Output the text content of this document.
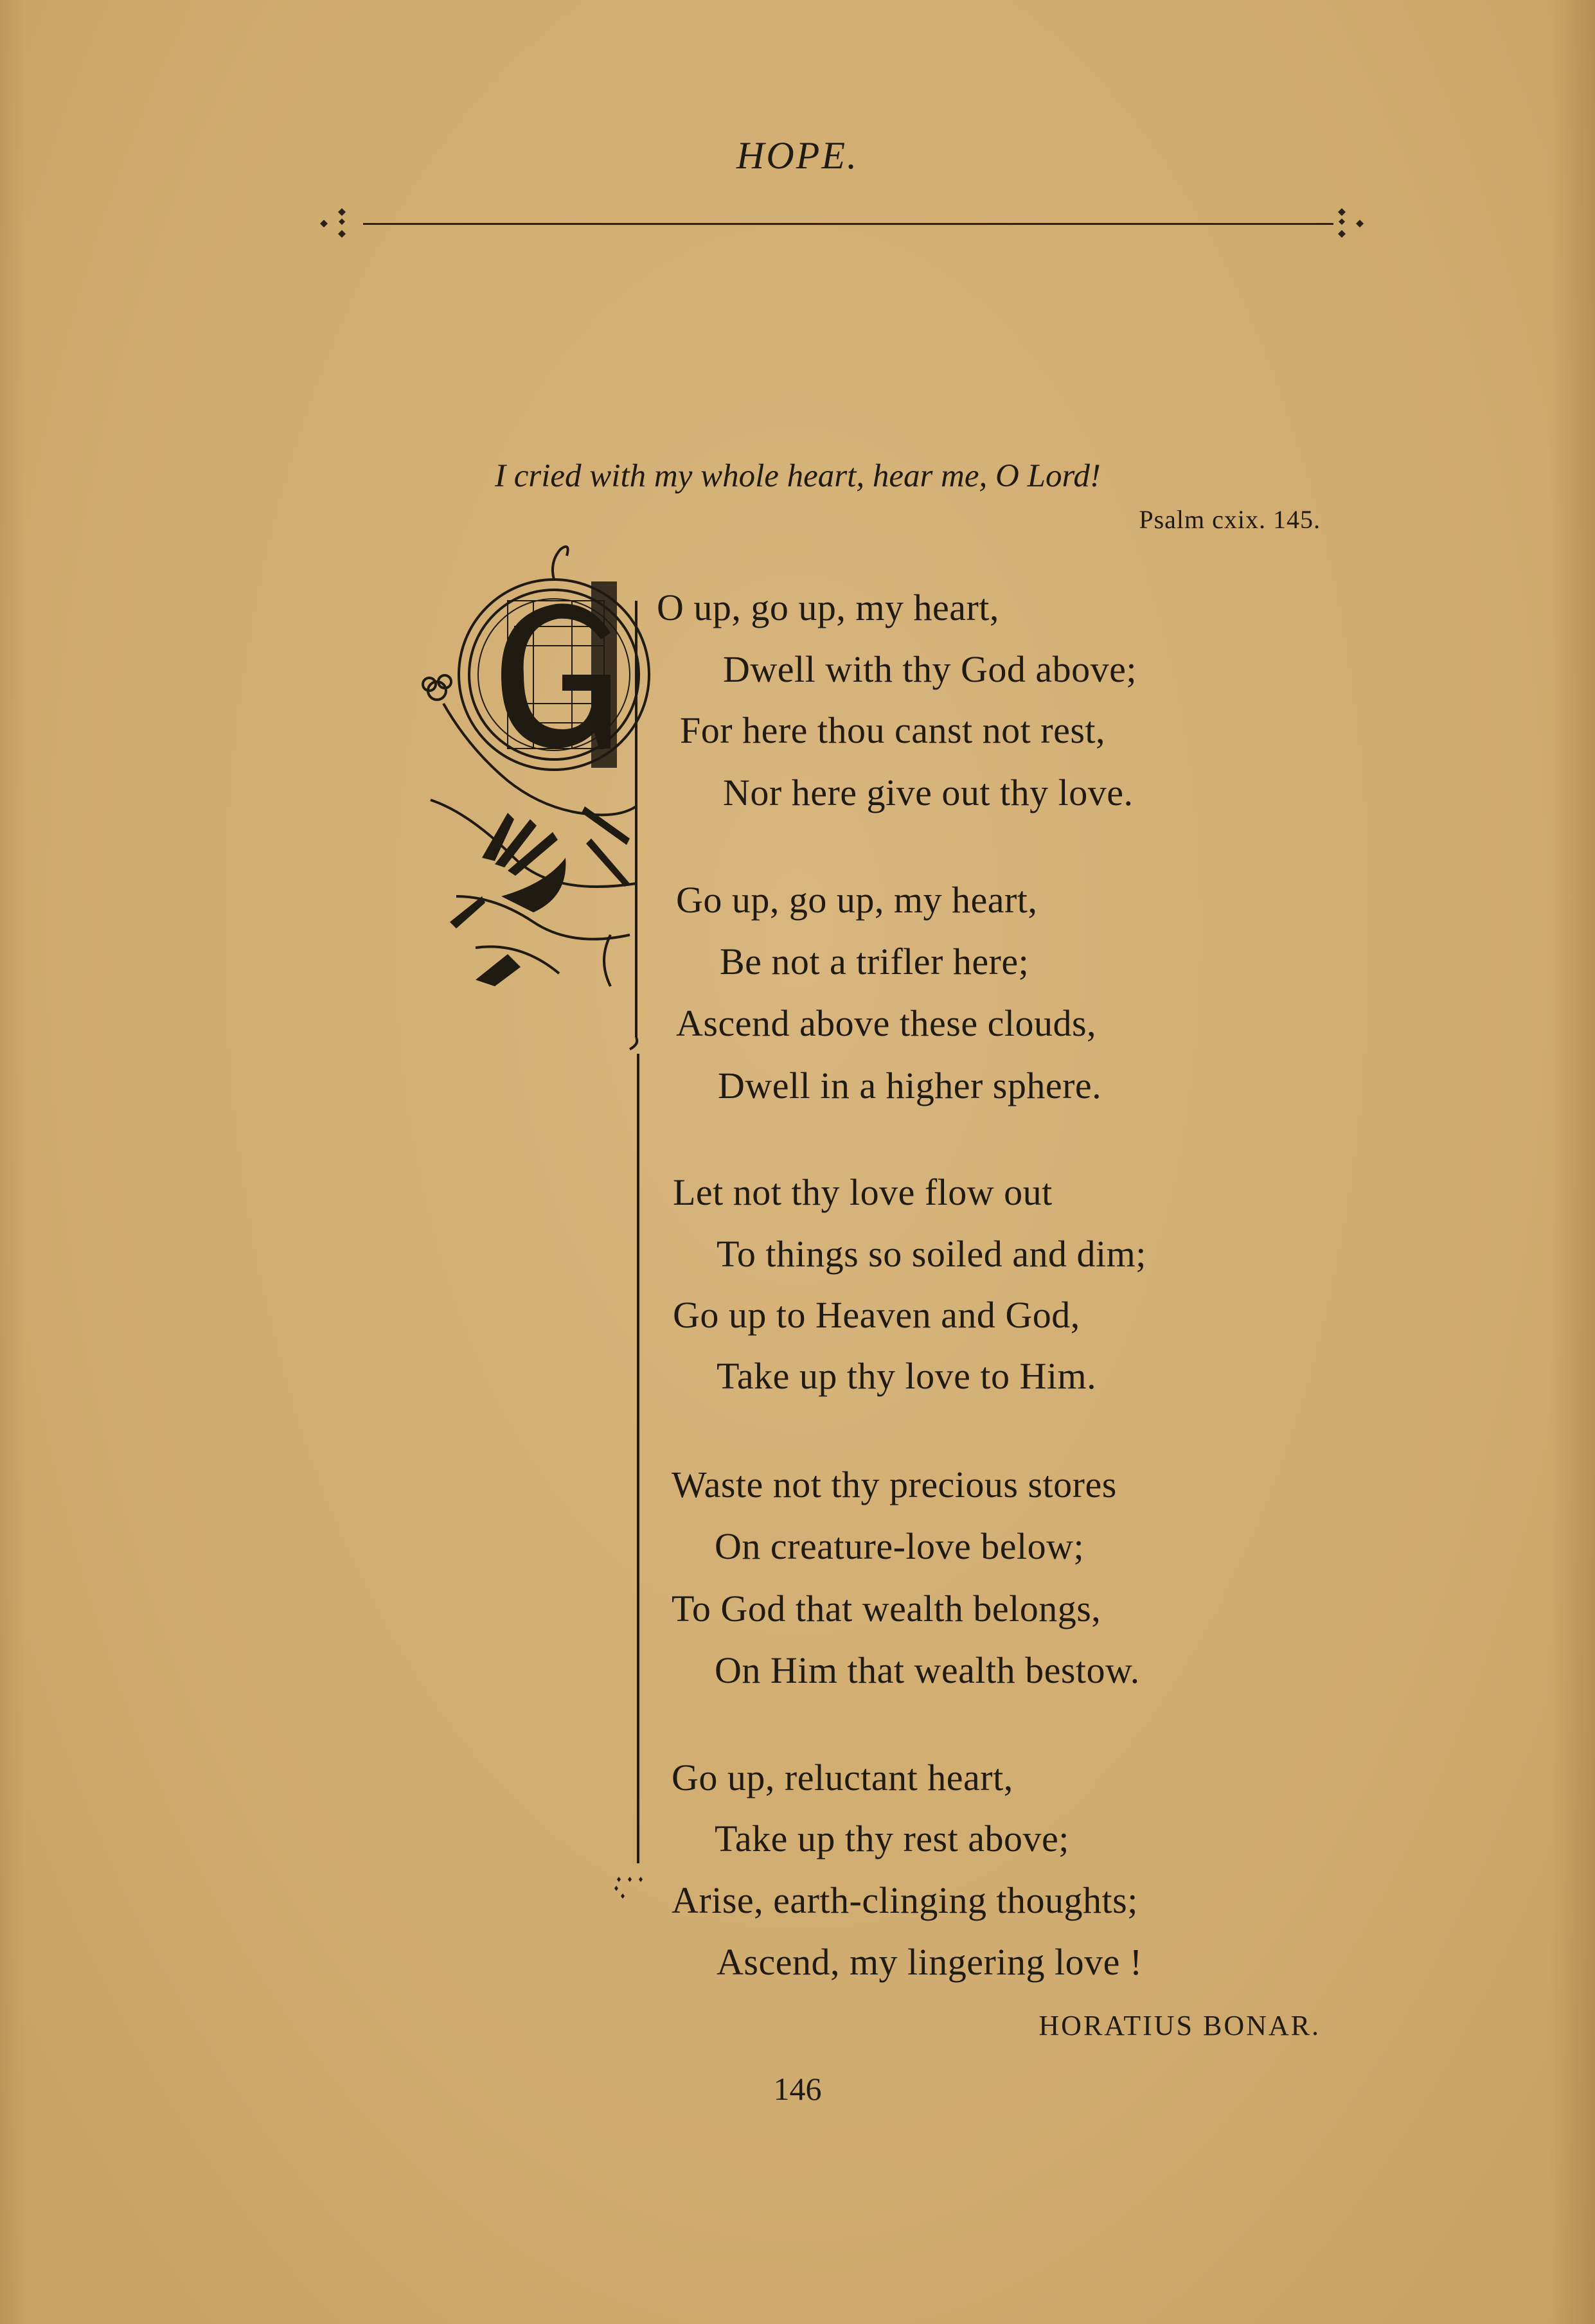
HOPE.
I cried with my whole heart, hear me, O Lord!
Psalm cxix. 145.
O up, go up, my heart,
Dwell with thy God above;
For here thou canst not rest,
Nor here give out thy love.
Go up, go up, my heart,
Be not a trifler here;
Ascend above these clouds,
Dwell in a higher sphere.
Let not thy love flow out
To things so soiled and dim;
Go up to Heaven and God,
Take up thy love to Him.
Waste not thy precious stores
On creature-love below;
To God that wealth belongs,
On Him that wealth bestow.
Go up, reluctant heart,
Take up thy rest above;
Arise, earth-clinging thoughts;
Ascend, my lingering love !
HORATIUS BONAR.
146
